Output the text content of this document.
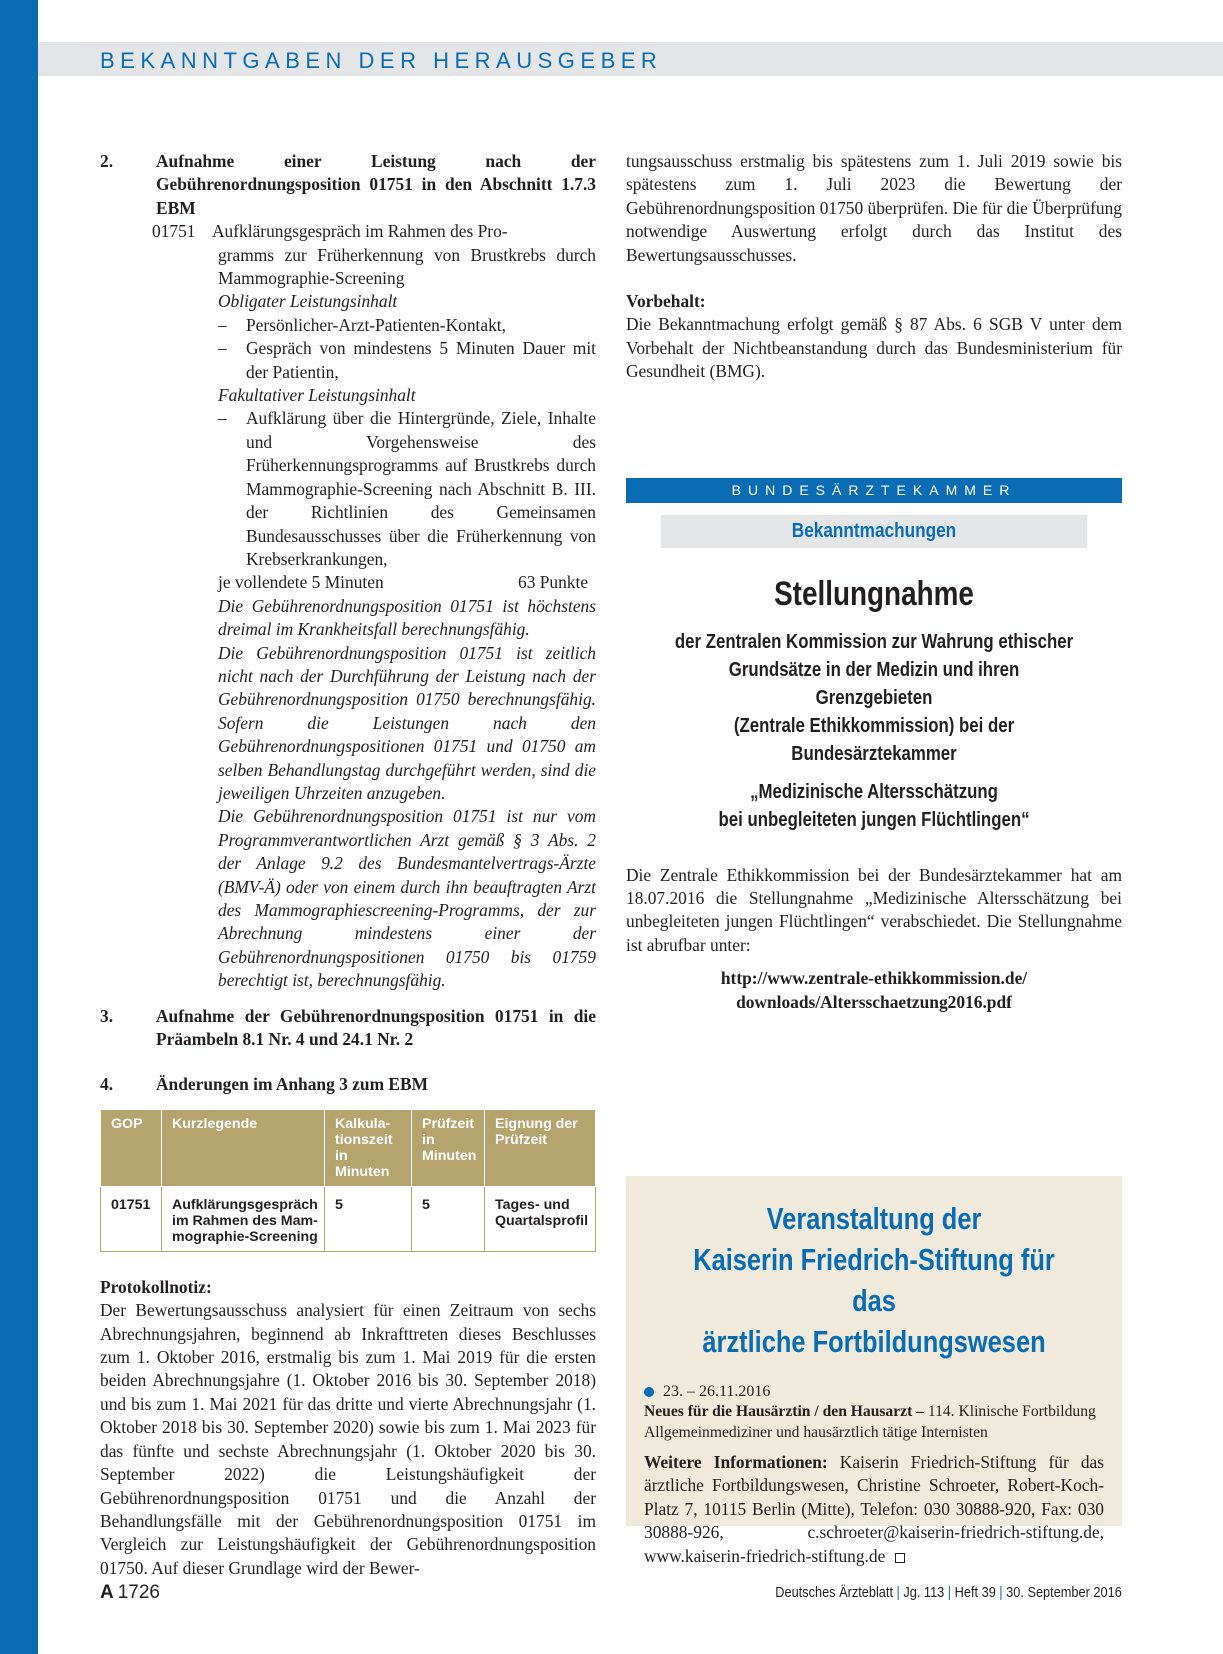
BEKANNTGABEN DER HERAUSGEBER
2.	Aufnahme einer Leistung nach der Gebührenordnungsposition 01751 in den Abschnitt 1.7.3 EBM
01751 Aufklärungsgespräch im Rahmen des Pro-

gramms zur Früherkennung von Brustkrebs durch Mammographie-Screening

Obligater Leistungsinhalt

–	Persönlicher-Arzt-Patienten-Kontakt,
–	Gespräch von mindestens 5 Minuten Dauer mit der Patientin,

Fakultativer Leistungsinhalt

–	Aufklärung über die Hintergründe, Ziele, Inhalte und Vorgehensweise des Früherkennungsprogramms auf Brustkrebs durch Mammographie-Screening nach Abschnitt B. III. der Richtlinien des Gemeinsamen Bundesausschusses über die Früherkennung von Krebserkrankungen,
je vollendete 5 Minuten	63 Punkte

Die Gebührenordnungsposition 01751 ist höchstens dreimal im Krankheitsfall berechnungsfähig.

Die Gebührenordnungsposition 01751 ist zeitlich nicht nach der Durchführung der Leistung nach der Gebührenordnungsposition 01750 berechnungsfähig. Sofern die Leistungen nach den Gebührenordnungspositionen 01751 und 01750 am selben Behandlungstag durchgeführt werden, sind die jeweiligen Uhrzeiten anzugeben.

Die Gebührenordnungsposition 01751 ist nur vom Programmverantwortlichen Arzt gemäß § 3 Abs. 2 der Anlage 9.2 des Bundesmantelvertrags-Ärzte (BMV-Ä) oder von einem durch ihn beauftragten Arzt des Mammographiescreening-Programms, der zur Abrechnung mindestens einer der Gebührenordnungspositionen 01750 bis 01759 berechtigt ist, berechnungsfähig.

3.	Aufnahme der Gebührenordnungsposition 01751 in die Präambeln 8.1 Nr. 4 und 24.1 Nr. 2
4.	Änderungen im Anhang 3 zum EBM
GOP	Kurzlegende	Kalkula-tionszeit in Minuten	Prüfzeit in Minuten	Eignung der Prüfzeit
01751	Aufklärungsgespräch im Rahmen des Mam-mographie-Screening	5	5	Tages- und Quartalsprofil

Protokollnotiz:

Der Bewertungsausschuss analysiert für einen Zeitraum von sechs Abrechnungsjahren, beginnend ab Inkrafttreten dieses Beschlusses zum 1. Oktober 2016, erstmalig bis zum 1. Mai 2019 für die ersten beiden Abrechnungsjahre (1. Oktober 2016 bis 30. September 2018) und bis zum 1. Mai 2021 für das dritte und vierte Abrechnungsjahr (1. Oktober 2018 bis 30. September 2020) sowie bis zum 1. Mai 2023 für das fünfte und sechste Abrechnungsjahr (1. Oktober 2020 bis 30. September 2022) die Leistungshäufigkeit der Gebührenordnungsposition 01751 und die Anzahl der Behandlungsfälle mit der Gebührenordnungsposition 01751 im Vergleich zur Leistungshäufigkeit der Gebührenordnungsposition 01750. Auf dieser Grundlage wird der Bewer-

tungsausschuss erstmalig bis spätestens zum 1. Juli 2019 sowie bis spätestens zum 1. Juli 2023 die Bewertung der Gebührenordnungsposition 01750 überprüfen. Die für die Überprüfung notwendige Auswertung erfolgt durch das Institut des Bewertungsausschusses.

Vorbehalt:

Die Bekanntmachung erfolgt gemäß § 87 Abs. 6 SGB V unter dem Vorbehalt der Nichtbeanstandung durch das Bundesministerium für Gesundheit (BMG).

BUNDESÄRZTEKAMMER
Bekanntmachungen
Stellungnahme
der Zentralen Kommission zur Wahrung ethischer
Grundsätze in der Medizin und ihren Grenzgebieten
(Zentrale Ethikkommission) bei der Bundesärztekammer
„Medizinische Altersschätzung
bei unbegleiteten jungen Flüchtlingen“

Die Zentrale Ethikkommission bei der Bundesärztekammer hat am 18.07.2016 die Stellungnahme „Medizinische Altersschätzung bei unbegleiteten jungen Flüchtlingen“ verabschiedet. Die Stellungnahme ist abrufbar unter:

http://www.zentrale-ethikkommission.de/
downloads/Altersschaetzung2016.pdf
Veranstaltung der
Kaiserin Friedrich-Stiftung für das
ärztliche Fortbildungswesen
23. – 26.11.2016

Neues für die Hausärztin / den Hausarzt – 114. Klinische Fortbildung Allgemeinmediziner und hausärztlich tätige Internisten

Weitere Informationen: Kaiserin Friedrich-Stiftung für das ärztliche Fortbildungswesen, Christine Schroeter, Robert-Koch-Platz 7, 10115 Berlin (Mitte), Telefon: 030 30888-920, Fax: 030 30888-926, c.schroeter@kaiserin-friedrich-stiftung.de, www.kaiserin-friedrich-stiftung.de

A 1726	Deutsches Ärzteblatt | Jg. 113 | Heft 39 | 30. September 2016
